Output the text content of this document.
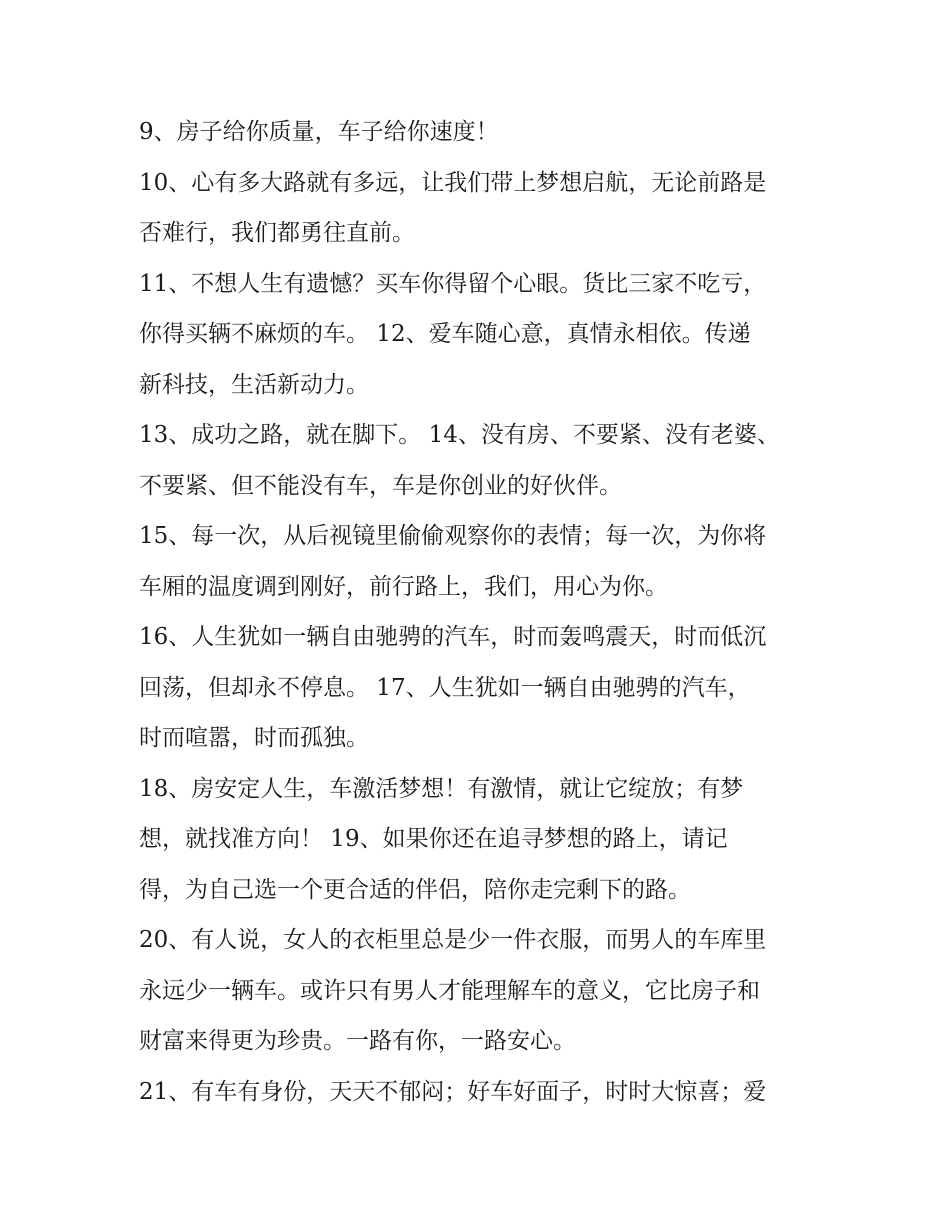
9、房子给你质量，车子给你速度！
10、心有多大路就有多远，让我们带上梦想启航，无论前路是
否难行，我们都勇往直前。
11、不想人生有遗憾？买车你得留个心眼。货比三家不吃亏，
你得买辆不麻烦的车。 12、爱车随心意，真情永相依。传递
新科技，生活新动力。
13、成功之路，就在脚下。 14、没有房、不要紧、没有老婆、
不要紧、但不能没有车，车是你创业的好伙伴。
15、每一次，从后视镜里偷偷观察你的表情；每一次，为你将
车厢的温度调到刚好，前行路上，我们，用心为你。
16、人生犹如一辆自由驰骋的汽车，时而轰鸣震天，时而低沉
回荡，但却永不停息。 17、人生犹如一辆自由驰骋的汽车，
时而喧嚣，时而孤独。
18、房安定人生，车激活梦想！有激情，就让它绽放；有梦
想，就找准方向！ 19、如果你还在追寻梦想的路上，请记
得，为自己选一个更合适的伴侣，陪你走完剩下的路。
20、有人说，女人的衣柜里总是少一件衣服，而男人的车库里
永远少一辆车。或许只有男人才能理解车的意义，它比房子和
财富来得更为珍贵。一路有你，一路安心。
21、有车有身份，天天不郁闷；好车好面子，时时大惊喜；爱
